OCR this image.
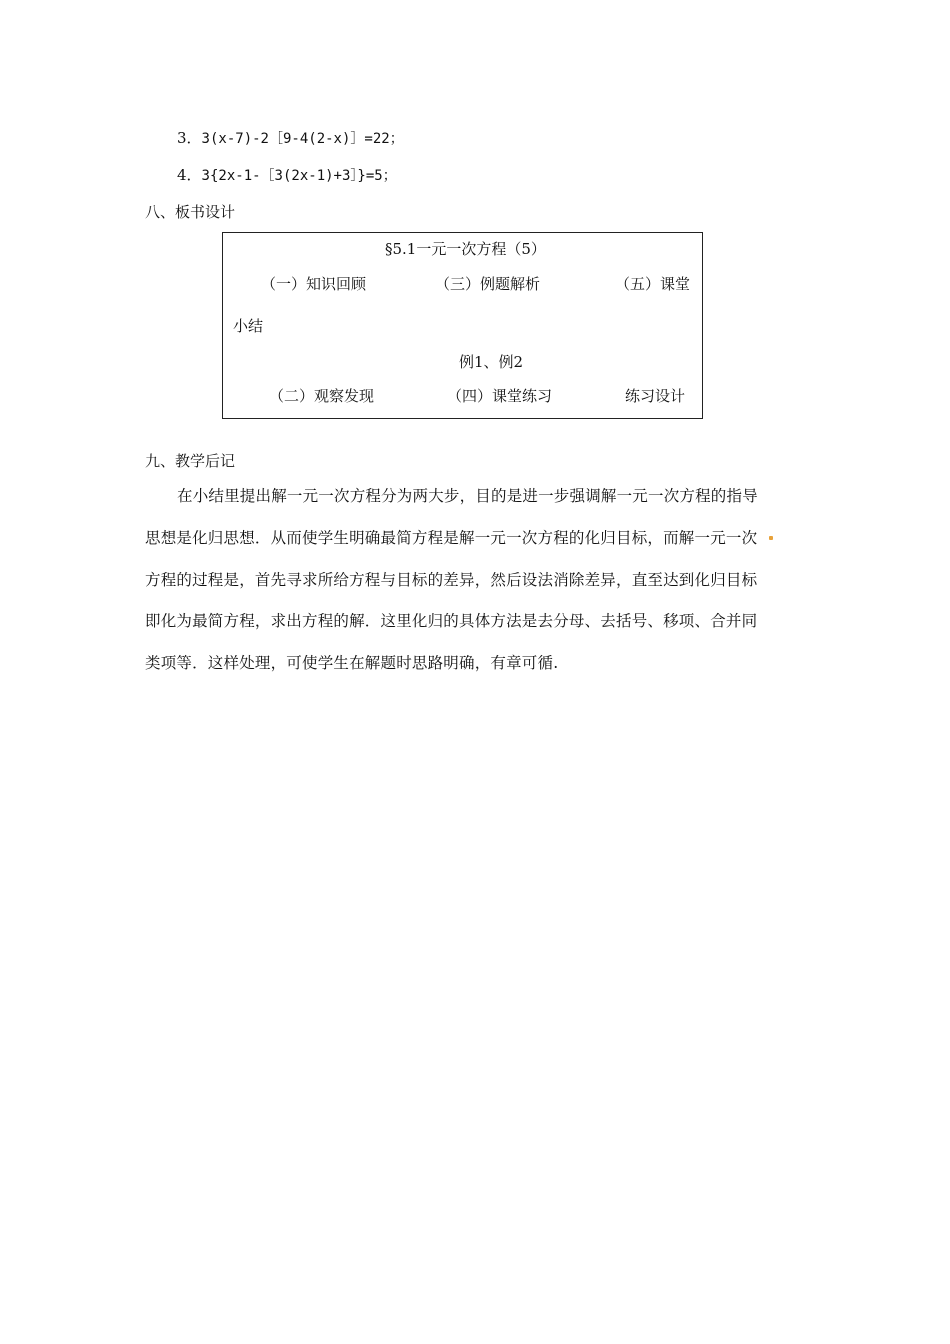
3．3(x-7)-2［9-4(2-x)］=22；
4．3{2x-1-［3(2x-1)+3］}=5；
八、板书设计
§5.1一元一次方程（5）
（一）知识回顾	（三）例题解析	（五）课堂
小结
例1、例2
（二）观察发现	（四）课堂练习	练习设计
九、教学后记
在小结里提出解一元一次方程分为两大步，目的是进一步强调解一元一次方程的指导
思想是化归思想．从而使学生明确最简方程是解一元一次方程的化归目标，而解一元一次
方程的过程是，首先寻求所给方程与目标的差异，然后设法消除差异，直至达到化归目标
即化为最简方程，求出方程的解．这里化归的具体方法是去分母、去括号、移项、合并同
类项等．这样处理，可使学生在解题时思路明确，有章可循.
